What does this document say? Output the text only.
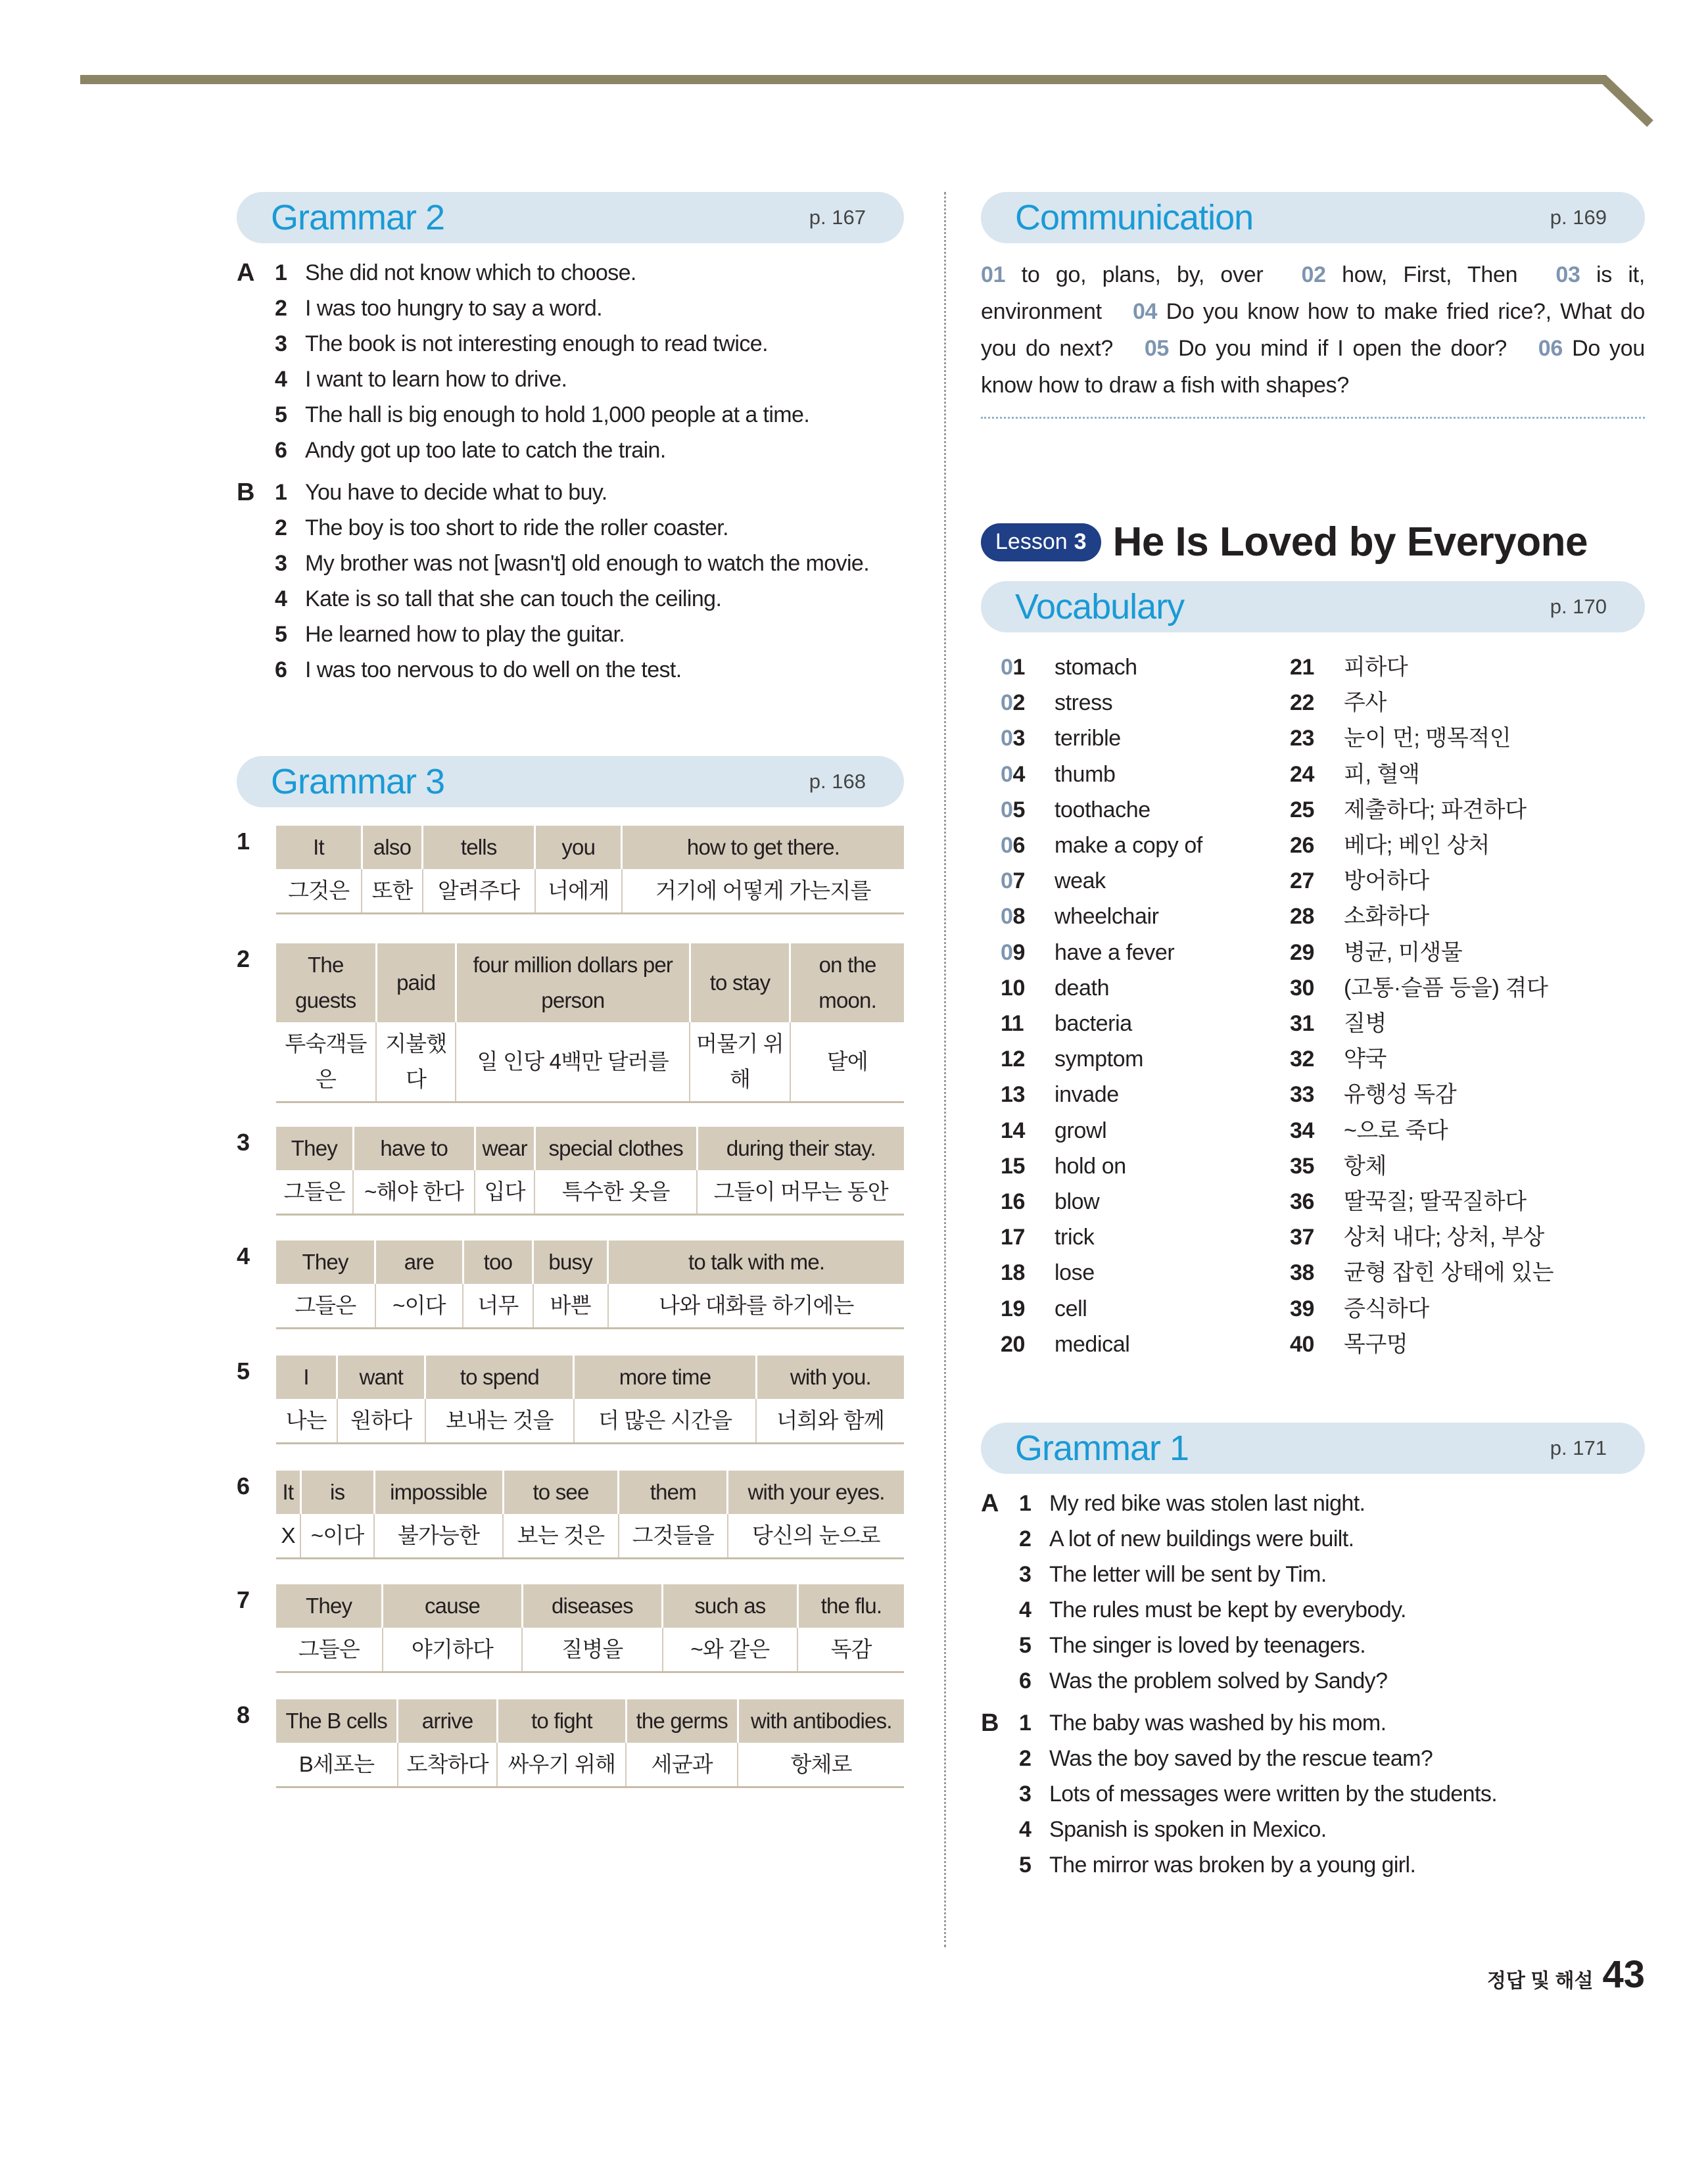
Grammar 2	p. 167
A 1 She did not know which to choose.
2 I was too hungry to say a word.
3 The book is not interesting enough to read twice.
4 I want to learn how to drive.
5 The hall is big enough to hold 1,000 people at a time.
6 Andy got up too late to catch the train.
B 1 You have to decide what to buy.
2 The boy is too short to ride the roller coaster.
3 My brother was not [wasn't] old enough to watch the movie.
4 Kate is so tall that she can touch the ceiling.
5 He learned how to play the guitar.
6 I was too nervous to do well on the test.
Grammar 3	p. 168
1	It	also	tells	you	how to get there.
그것은	또한	알려주다	너에게	거기에 어떻게 가는지를
2	The guests	paid	four million dollars per person	to stay	on the moon.
투숙객들은	지불했다	일 인당 4백만 달러를	머물기 위해	달에
3	They	have to	wear	special clothes	during their stay.
그들은	~해야 한다	입다	특수한 옷을	그들이 머무는 동안
4	They	are	too	busy	to talk with me.
그들은	~이다	너무	바쁜	나와 대화를 하기에는
5	I	want	to spend	more time	with you.
나는	원하다	보내는 것을	더 많은 시간을	너희와 함께
6	It	is	impossible	to see	them	with your eyes.
X	~이다	불가능한	보는 것은	그것들을	당신의 눈으로
7	They	cause	diseases	such as	the flu.
그들은	야기하다	질병을	~와 같은	독감
8	The B cells	arrive	to fight	the germs	with antibodies.
B세포는	도착하다	싸우기 위해	세균과	항체로
Communication	p. 169
01 to go, plans, by, over  02 how, First, Then  03 is it, environment  04 Do you know how to make fried rice?, What do you do next?  05 Do you mind if I open the door?  06 Do you know how to draw a fish with shapes?
Lesson 3 He Is Loved by Everyone
Vocabulary	p. 170
01	stomach
02	stress
03	terrible
04	thumb
05	toothache
06	make a copy of
07	weak
08	wheelchair
09	have a fever
10	death
11	bacteria
12	symptom
13	invade
14	growl
15	hold on
16	blow
17	trick
18	lose
19	cell
20	medical
21	피하다
22	주사
23	눈이 먼; 맹목적인
24	피, 혈액
25	제출하다; 파견하다
26	베다; 베인 상처
27	방어하다
28	소화하다
29	병균, 미생물
30	(고통·슬픔 등을) 겪다
31	질병
32	약국
33	유행성 독감
34	~으로 죽다
35	항체
36	딸꾹질; 딸꾹질하다
37	상처 내다; 상처, 부상
38	균형 잡힌 상태에 있는
39	증식하다
40	목구멍
Grammar 1	p. 171
A 1 My red bike was stolen last night.
2 A lot of new buildings were built.
3 The letter will be sent by Tim.
4 The rules must be kept by everybody.
5 The singer is loved by teenagers.
6 Was the problem solved by Sandy?
B 1 The baby was washed by his mom.
2 Was the boy saved by the rescue team?
3 Lots of messages were written by the students.
4 Spanish is spoken in Mexico.
5 The mirror was broken by a young girl.
정답 및 해설 43
